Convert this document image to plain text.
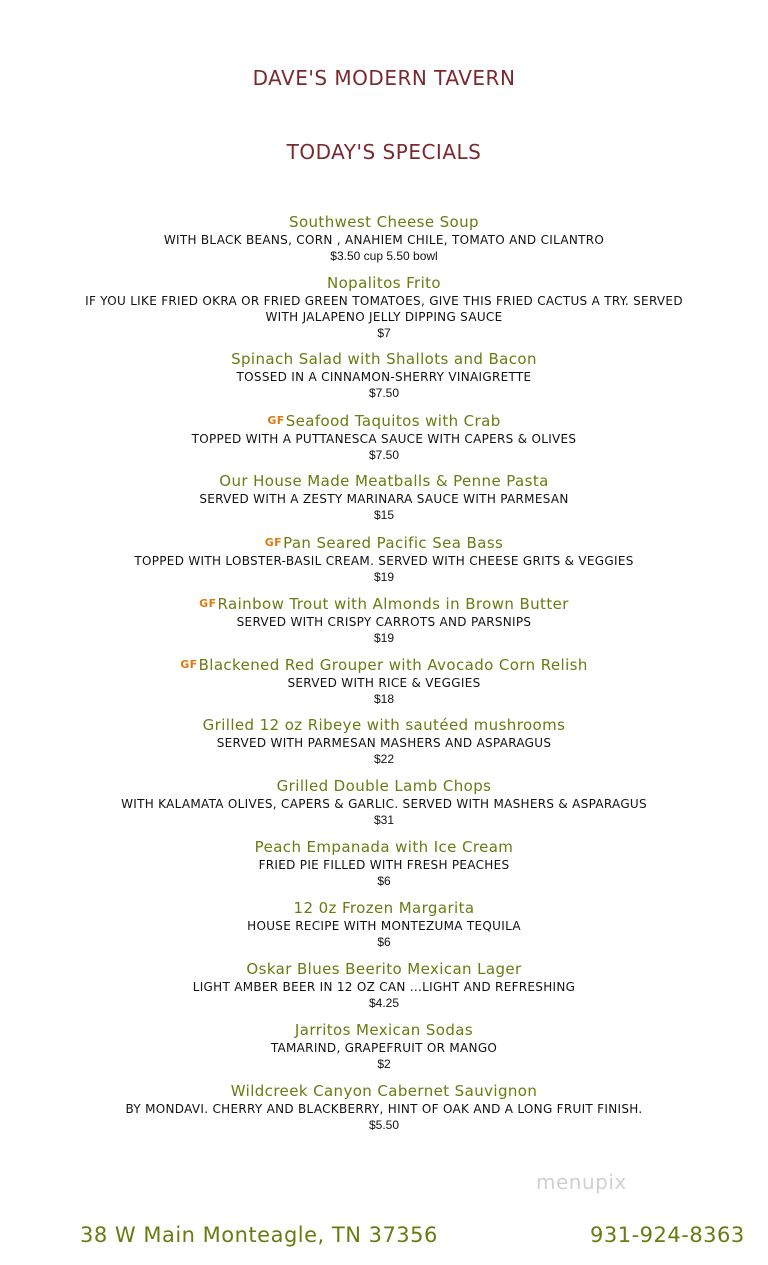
DAVE'S MODERN TAVERN
TODAY'S SPECIALS
Southwest Cheese Soup
WITH BLACK BEANS, CORN , ANAHIEM CHILE, TOMATO AND CILANTRO
$3.50 cup 5.50 bowl
Nopalitos Frito
IF YOU LIKE FRIED OKRA OR FRIED GREEN TOMATOES, GIVE THIS FRIED CACTUS A TRY. SERVED WITH JALAPENO JELLY DIPPING SAUCE
$7
Spinach Salad with Shallots and Bacon
TOSSED IN A CINNAMON-SHERRY VINAIGRETTE
$7.50
GFSeafood Taquitos with Crab
TOPPED WITH A PUTTANESCA SAUCE WITH CAPERS & OLIVES
$7.50
Our House Made Meatballs & Penne Pasta
SERVED WITH A ZESTY MARINARA SAUCE WITH PARMESAN
$15
GFPan Seared Pacific Sea Bass
TOPPED WITH LOBSTER-BASIL CREAM. SERVED WITH CHEESE GRITS & VEGGIES
$19
GFRainbow Trout with Almonds in Brown Butter
SERVED WITH CRISPY CARROTS AND PARSNIPS
$19
GFBlackened Red Grouper with Avocado Corn Relish
SERVED WITH RICE & VEGGIES
$18
Grilled 12 oz Ribeye with sautéed mushrooms
SERVED WITH PARMESAN MASHERS AND ASPARAGUS
$22
Grilled Double Lamb Chops
WITH KALAMATA OLIVES, CAPERS & GARLIC. SERVED WITH MASHERS & ASPARAGUS
$31
Peach Empanada with Ice Cream
FRIED PIE FILLED WITH FRESH PEACHES
$6
12 0z Frozen Margarita
HOUSE RECIPE WITH MONTEZUMA TEQUILA
$6
Oskar Blues Beerito Mexican Lager
LIGHT AMBER BEER IN 12 OZ CAN ...LIGHT AND REFRESHING
$4.25
Jarritos Mexican Sodas
TAMARIND, GRAPEFRUIT OR MANGO
$2
Wildcreek Canyon Cabernet Sauvignon
BY MONDAVI. CHERRY AND BLACKBERRY, HINT OF OAK AND A LONG FRUIT FINISH.
$5.50
menupix
38 W Main Monteagle, TN 37356	931-924-8363
